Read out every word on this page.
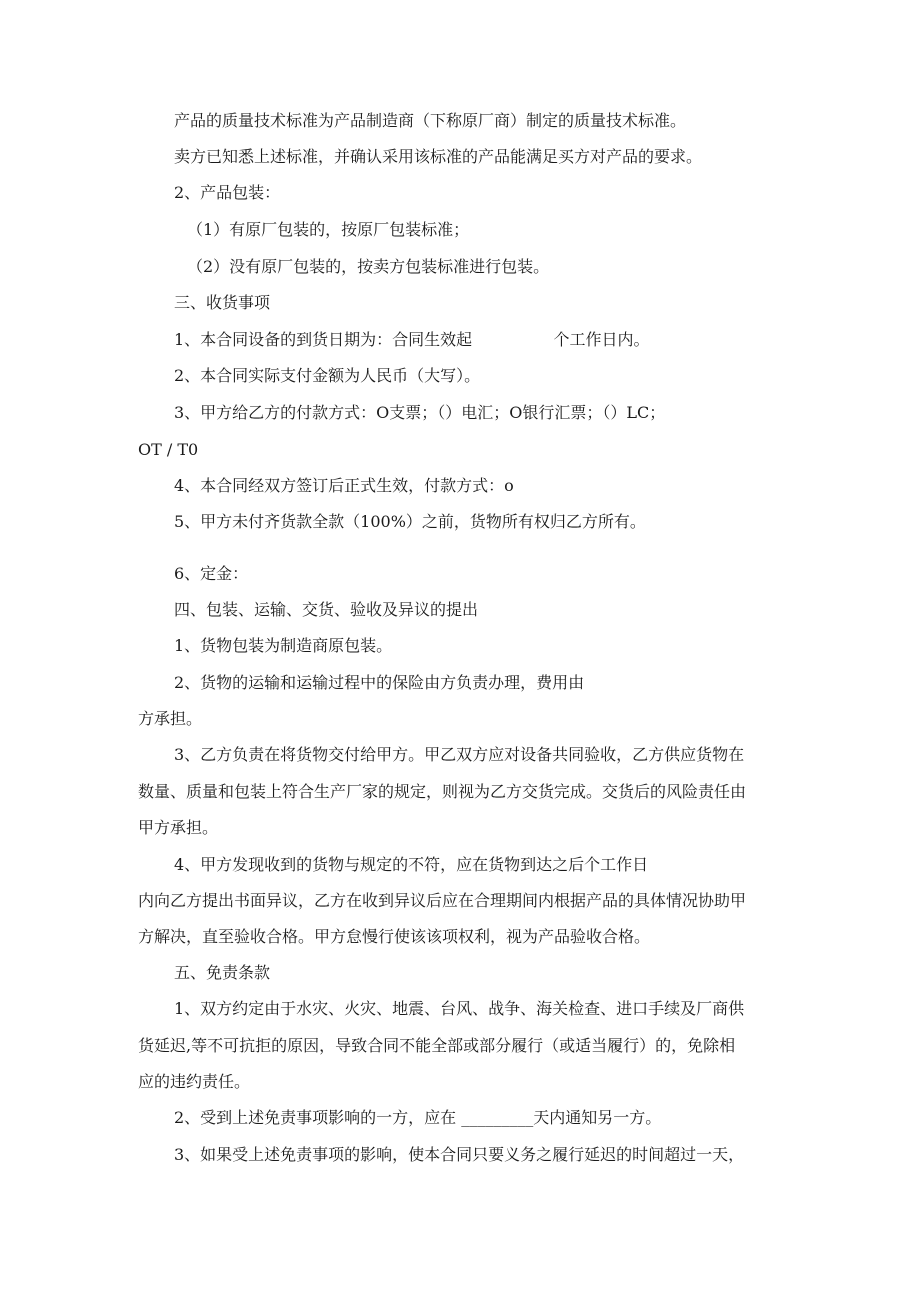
产品的质量技术标准为产品制造商（下称原厂商）制定的质量技术标准。
卖方已知悉上述标准，并确认采用该标准的产品能满足买方对产品的要求。
2、产品包装：
（1）有原厂包装的，按原厂包装标准；
（2）没有原厂包装的，按卖方包装标准进行包装。
三、收货事项
1、本合同设备的到货日期为：合同生效起                个工作日内。
2、本合同实际支付金额为人民币（大写）。
3、甲方给乙方的付款方式：O支票；（）电汇；O银行汇票；（）LC；
OT / T0
4、本合同经双方签订后正式生效，付款方式：o
5、甲方未付齐货款全款（100%）之前，货物所有权归乙方所有。
6、定金：
四、包装、运输、交货、验收及异议的提出
1、货物包装为制造商原包装。
2、货物的运输和运输过程中的保险由方负责办理，费用由
方承担。
3、乙方负责在将货物交付给甲方。甲乙双方应对设备共同验收，乙方供应货物在
数量、质量和包装上符合生产厂家的规定，则视为乙方交货完成。交货后的风险责任由
甲方承担。
4、甲方发现收到的货物与规定的不符，应在货物到达之后个工作日
内向乙方提出书面异议，乙方在收到异议后应在合理期间内根据产品的具体情况协助甲
方解决，直至验收合格。甲方怠慢行使该该项权利，视为产品验收合格。
五、免责条款
1、双方约定由于水灾、火灾、地震、台风、战争、海关检查、进口手续及厂商供
货延迟,等不可抗拒的原因，导致合同不能全部或部分履行（或适当履行）的，免除相
应的违约责任。
2、受到上述免责事项影响的一方，应在 _________天内通知另一方。
3、如果受上述免责事项的影响，使本合同只要义务之履行延迟的时间超过一天，
